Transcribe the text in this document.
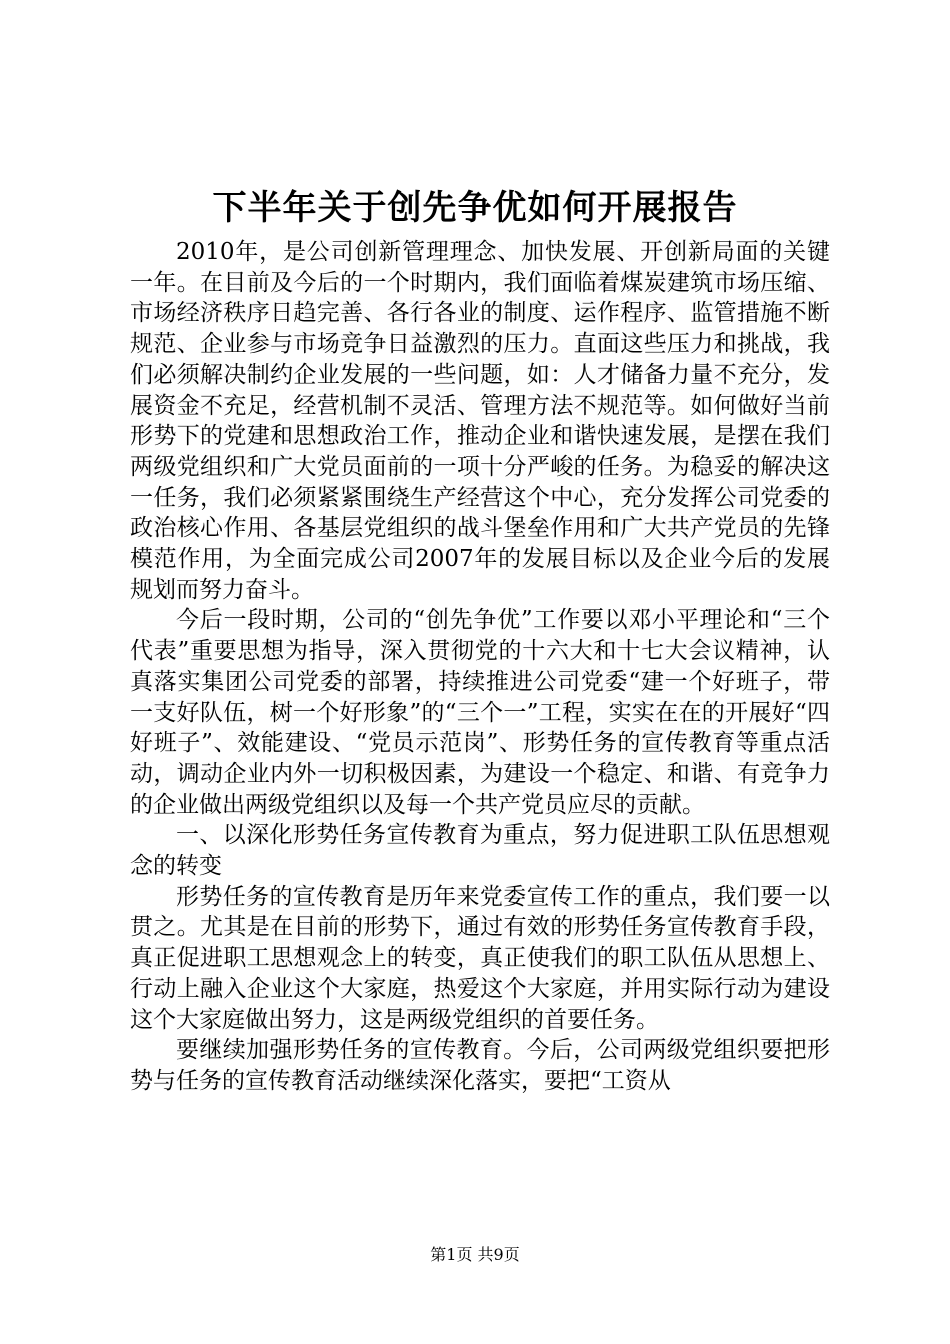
下半年关于创先争优如何开展报告

2010年，是公司创新管理理念、加快发展、开创新局面的关键一年。在目前及今后的一个时期内，我们面临着煤炭建筑市场压缩、市场经济秩序日趋完善、各行各业的制度、运作程序、监管措施不断规范、企业参与市场竞争日益激烈的压力。直面这些压力和挑战，我们必须解决制约企业发展的一些问题，如：人才储备力量不充分，发展资金不充足，经营机制不灵活、管理方法不规范等。如何做好当前形势下的党建和思想政治工作，推动企业和谐快速发展，是摆在我们两级党组织和广大党员面前的一项十分严峻的任务。为稳妥的解决这一任务，我们必须紧紧围绕生产经营这个中心，充分发挥公司党委的政治核心作用、各基层党组织的战斗堡垒作用和广大共产党员的先锋模范作用，为全面完成公司2007年的发展目标以及企业今后的发展规划而努力奋斗。

今后一段时期，公司的“创先争优”工作要以邓小平理论和“三个代表”重要思想为指导，深入贯彻党的十六大和十七大会议精神，认真落实集团公司党委的部署，持续推进公司党委“建一个好班子，带一支好队伍，树一个好形象”的“三个一”工程，实实在在的开展好“四好班子”、效能建设、“党员示范岗”、形势任务的宣传教育等重点活动，调动企业内外一切积极因素，为建设一个稳定、和谐、有竞争力的企业做出两级党组织以及每一个共产党员应尽的贡献。

一、以深化形势任务宣传教育为重点，努力促进职工队伍思想观念的转变

形势任务的宣传教育是历年来党委宣传工作的重点，我们要一以贯之。尤其是在目前的形势下，通过有效的形势任务宣传教育手段，真正促进职工思想观念上的转变，真正使我们的职工队伍从思想上、行动上融入企业这个大家庭，热爱这个大家庭，并用实际行动为建设这个大家庭做出努力，这是两级党组织的首要任务。

要继续加强形势任务的宣传教育。今后，公司两级党组织要把形势与任务的宣传教育活动继续深化落实，要把“工资从

第1页 共9页
